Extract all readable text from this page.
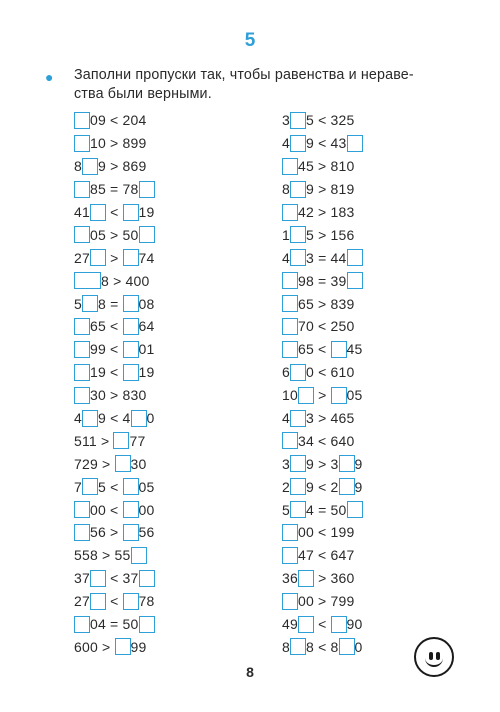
5
● Заполни пропуски так, чтобы равенства и нераве-
ства были верными.
09 < 204
10 > 899
8 9 > 869
85 = 78
41 < 19
05 > 50
27 > 74
8 > 400
5 8 = 08
65 < 64
99 < 01
19 < 19
30 > 830
4 9 < 4 0
511 > 77
729 > 30
7 5 < 05
00 < 00
56 > 56
558 > 55
37 < 37
27 < 78
04 = 50
600 > 99
3 5 < 325
4 9 < 43
45 > 810
8 9 > 819
42 > 183
1 5 > 156
4 3 = 44
98 = 39
65 > 839
70 < 250
65 < 45
6 0 < 610
10 > 05
4 3 > 465
34 < 640
3 9 > 3 9
2 9 < 2 9
5 4 = 50
00 < 199
47 < 647
36 > 360
00 > 799
49 < 90
8 8 < 8 0
8
